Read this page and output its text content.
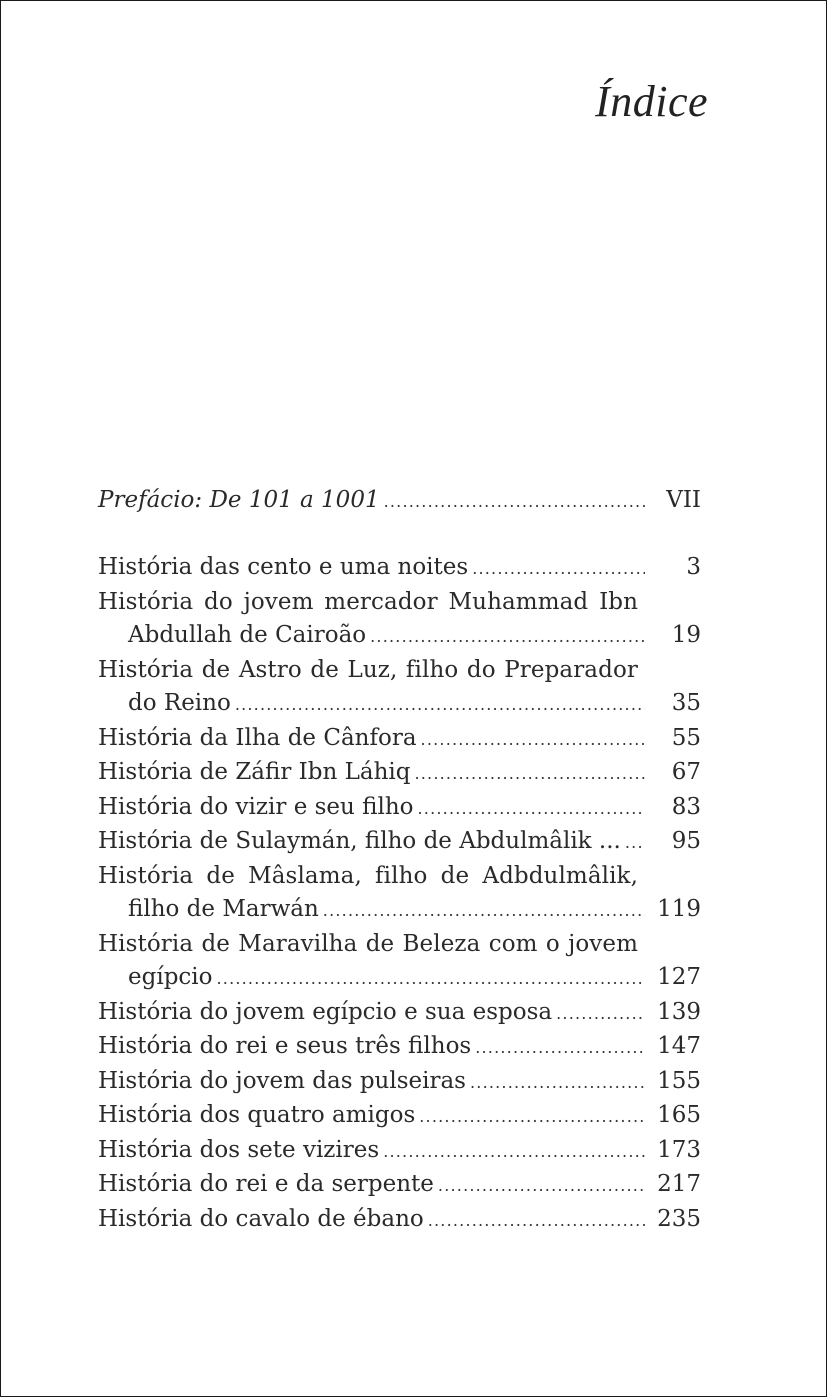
Índice
Prefácio: De 101 a 1001 .....	VII
História das cento e uma noites .....	3
História do jovem mercador Muhammad Ibn
Abdullah de Cairoão .....	19
História de Astro de Luz, filho do Preparador
do Reino .....	35
História da Ilha de Cânfora .....	55
História de Záfir Ibn Láhiq .....	67
História do vizir e seu filho .....	83
História de Sulaymán, filho de Abdulmâlik ... .....	95
História de Mâslama, filho de Adbdulmâlik,
filho de Marwán .....	119
História de Maravilha de Beleza com o jovem
egípcio .....	127
História do jovem egípcio e sua esposa .....	139
História do rei e seus três filhos .....	147
História do jovem das pulseiras .....	155
História dos quatro amigos .....	165
História dos sete vizires .....	173
História do rei e da serpente .....	217
História do cavalo de ébano .....	235
